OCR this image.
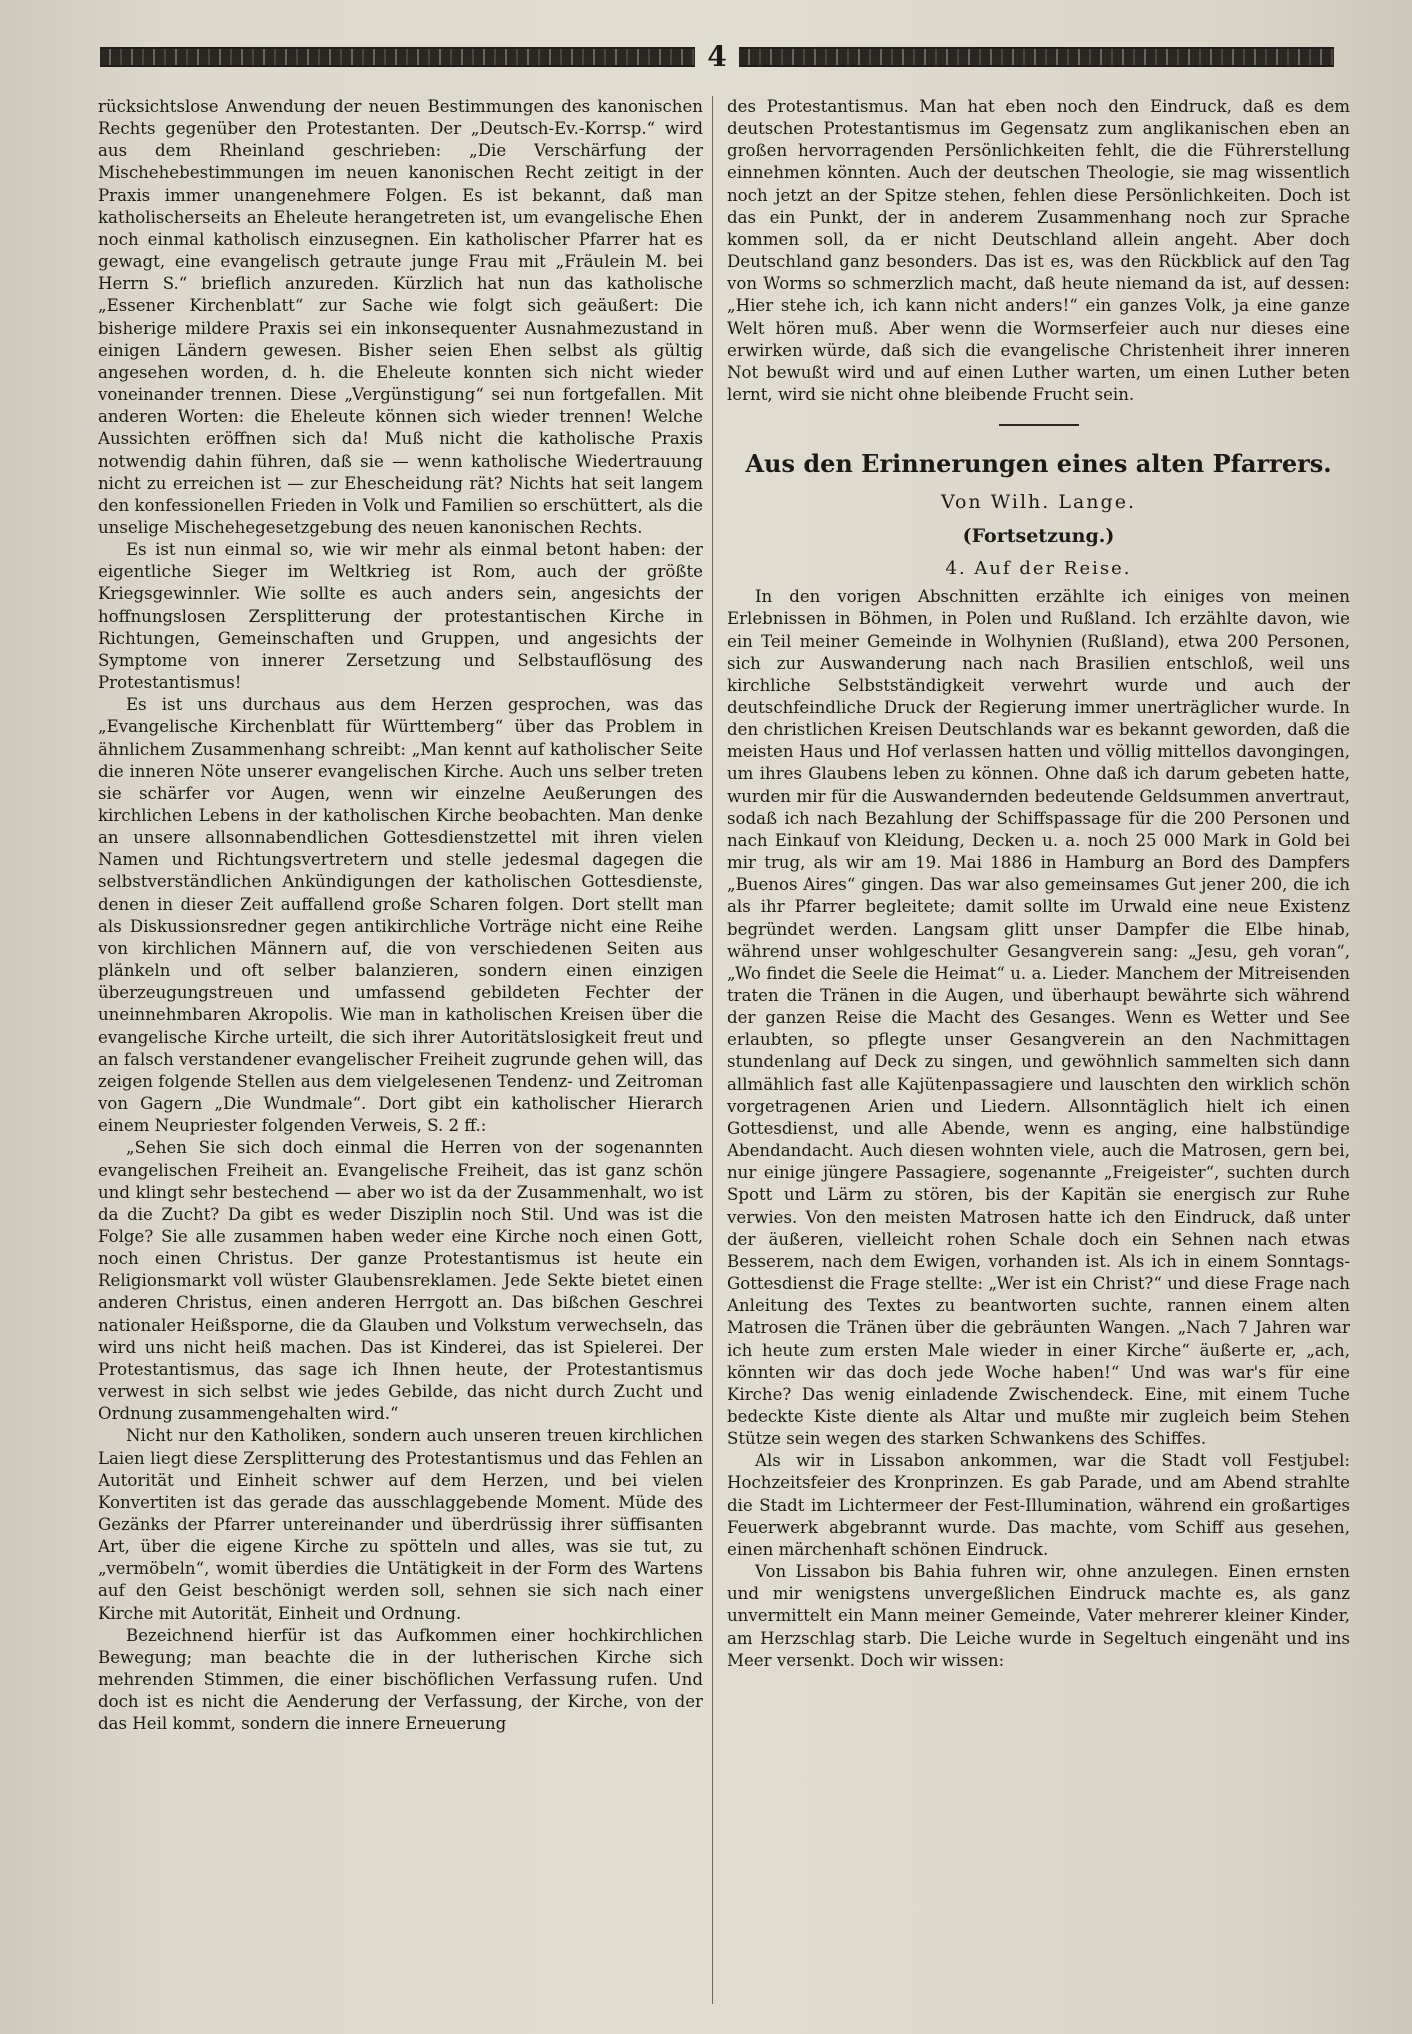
4

rücksichtslose Anwendung der neuen Bestimmungen des kanonischen Rechts gegenüber den Protestanten. Der „Deutsch-Ev.-Korrsp.“ wird aus dem Rheinland geschrieben: „Die Verschärfung der Mischehebestimmungen im neuen kanonischen Recht zeitigt in der Praxis immer unangenehmere Folgen. Es ist bekannt, daß man katholischerseits an Eheleute herangetreten ist, um evangelische Ehen noch einmal katholisch einzusegnen. Ein katholischer Pfarrer hat es gewagt, eine evangelisch getraute junge Frau mit „Fräulein M. bei Herrn S.“ brieflich anzureden. Kürzlich hat nun das katholische „Essener Kirchenblatt“ zur Sache wie folgt sich geäußert: Die bisherige mildere Praxis sei ein inkonsequenter Ausnahmezustand in einigen Ländern gewesen. Bisher seien Ehen selbst als gültig angesehen worden, d. h. die Eheleute konnten sich nicht wieder voneinander trennen. Diese „Vergünstigung“ sei nun fortgefallen. Mit anderen Worten: die Eheleute können sich wieder trennen! Welche Aussichten eröffnen sich da! Muß nicht die katholische Praxis notwendig dahin führen, daß sie — wenn katholische Wiedertrauung nicht zu erreichen ist — zur Ehescheidung rät? Nichts hat seit langem den konfessionellen Frieden in Volk und Familien so erschüttert, als die unselige Mischehegesetzgebung des neuen kanonischen Rechts.

Es ist nun einmal so, wie wir mehr als einmal betont haben: der eigentliche Sieger im Weltkrieg ist Rom, auch der größte Kriegsgewinnler. Wie sollte es auch anders sein, angesichts der hoffnungslosen Zersplitterung der protestantischen Kirche in Richtungen, Gemeinschaften und Gruppen, und angesichts der Symptome von innerer Zersetzung und Selbstauflösung des Protestantismus!

Es ist uns durchaus aus dem Herzen gesprochen, was das „Evangelische Kirchenblatt für Württemberg“ über das Problem in ähnlichem Zusammenhang schreibt: „Man kennt auf katholischer Seite die inneren Nöte unserer evangelischen Kirche. Auch uns selber treten sie schärfer vor Augen, wenn wir einzelne Aeußerungen des kirchlichen Lebens in der katholischen Kirche beobachten. Man denke an unsere allsonnabendlichen Gottesdienstzettel mit ihren vielen Namen und Richtungsvertretern und stelle jedesmal dagegen die selbstverständlichen Ankündigungen der katholischen Gottesdienste, denen in dieser Zeit auffallend große Scharen folgen. Dort stellt man als Diskussionsredner gegen antikirchliche Vorträge nicht eine Reihe von kirchlichen Männern auf, die von verschiedenen Seiten aus plänkeln und oft selber balanzieren, sondern einen einzigen überzeugungstreuen und umfassend gebildeten Fechter der uneinnehmbaren Akropolis. Wie man in katholischen Kreisen über die evangelische Kirche urteilt, die sich ihrer Autoritätslosigkeit freut und an falsch verstandener evangelischer Freiheit zugrunde gehen will, das zeigen folgende Stellen aus dem vielgelesenen Tendenz- und Zeitroman von Gagern „Die Wundmale“. Dort gibt ein katholischer Hierarch einem Neupriester folgenden Verweis, S. 2 ff.:

„Sehen Sie sich doch einmal die Herren von der sogenannten evangelischen Freiheit an. Evangelische Freiheit, das ist ganz schön und klingt sehr bestechend — aber wo ist da der Zusammenhalt, wo ist da die Zucht? Da gibt es weder Disziplin noch Stil. Und was ist die Folge? Sie alle zusammen haben weder eine Kirche noch einen Gott, noch einen Christus. Der ganze Protestantismus ist heute ein Religionsmarkt voll wüster Glaubensreklamen. Jede Sekte bietet einen anderen Christus, einen anderen Herrgott an. Das bißchen Geschrei nationaler Heißsporne, die da Glauben und Volkstum verwechseln, das wird uns nicht heiß machen. Das ist Kinderei, das ist Spielerei. Der Protestantismus, das sage ich Ihnen heute, der Protestantismus verwest in sich selbst wie jedes Gebilde, das nicht durch Zucht und Ordnung zusammengehalten wird.“

Nicht nur den Katholiken, sondern auch unseren treuen kirchlichen Laien liegt diese Zersplitterung des Protestantismus und das Fehlen an Autorität und Einheit schwer auf dem Herzen, und bei vielen Konvertiten ist das gerade das ausschlaggebende Moment. Müde des Gezänks der Pfarrer untereinander und überdrüssig ihrer süffisanten Art, über die eigene Kirche zu spötteln und alles, was sie tut, zu „vermöbeln“, womit überdies die Untätigkeit in der Form des Wartens auf den Geist beschönigt werden soll, sehnen sie sich nach einer Kirche mit Autorität, Einheit und Ordnung.

Bezeichnend hierfür ist das Aufkommen einer hochkirchlichen Bewegung; man beachte die in der lutherischen Kirche sich mehrenden Stimmen, die einer bischöflichen Verfassung rufen. Und doch ist es nicht die Aenderung der Verfassung, der Kirche, von der das Heil kommt, sondern die innere Erneuerung

des Protestantismus. Man hat eben noch den Eindruck, daß es dem deutschen Protestantismus im Gegensatz zum anglikanischen eben an großen hervorragenden Persönlichkeiten fehlt, die die Führerstellung einnehmen könnten. Auch der deutschen Theologie, sie mag wissentlich noch jetzt an der Spitze stehen, fehlen diese Persönlichkeiten. Doch ist das ein Punkt, der in anderem Zusammenhang noch zur Sprache kommen soll, da er nicht Deutschland allein angeht. Aber doch Deutschland ganz besonders. Das ist es, was den Rückblick auf den Tag von Worms so schmerzlich macht, daß heute niemand da ist, auf dessen: „Hier stehe ich, ich kann nicht anders!“ ein ganzes Volk, ja eine ganze Welt hören muß. Aber wenn die Wormserfeier auch nur dieses eine erwirken würde, daß sich die evangelische Christenheit ihrer inneren Not bewußt wird und auf einen Luther warten, um einen Luther beten lernt, wird sie nicht ohne bleibende Frucht sein.

Aus den Erinnerungen eines alten Pfarrers.
Von Wilh. Lange.
(Fortsetzung.)
4. Auf der Reise.

In den vorigen Abschnitten erzählte ich einiges von meinen Erlebnissen in Böhmen, in Polen und Rußland. Ich erzählte davon, wie ein Teil meiner Gemeinde in Wolhynien (Rußland), etwa 200 Personen, sich zur Auswanderung nach nach Brasilien entschloß, weil uns kirchliche Selbstständigkeit verwehrt wurde und auch der deutschfeindliche Druck der Regierung immer unerträglicher wurde. In den christlichen Kreisen Deutschlands war es bekannt geworden, daß die meisten Haus und Hof verlassen hatten und völlig mittellos davongingen, um ihres Glaubens leben zu können. Ohne daß ich darum gebeten hatte, wurden mir für die Auswandernden bedeutende Geldsummen anvertraut, sodaß ich nach Bezahlung der Schiffspassage für die 200 Personen und nach Einkauf von Kleidung, Decken u. a. noch 25 000 Mark in Gold bei mir trug, als wir am 19. Mai 1886 in Hamburg an Bord des Dampfers „Buenos Aires“ gingen. Das war also gemeinsames Gut jener 200, die ich als ihr Pfarrer begleitete; damit sollte im Urwald eine neue Existenz begründet werden. Langsam glitt unser Dampfer die Elbe hinab, während unser wohlgeschulter Gesangverein sang: „Jesu, geh voran“, „Wo findet die Seele die Heimat“ u. a. Lieder. Manchem der Mitreisenden traten die Tränen in die Augen, und überhaupt bewährte sich während der ganzen Reise die Macht des Gesanges. Wenn es Wetter und See erlaubten, so pflegte unser Gesangverein an den Nachmittagen stundenlang auf Deck zu singen, und gewöhnlich sammelten sich dann allmählich fast alle Kajütenpassagiere und lauschten den wirklich schön vorgetragenen Arien und Liedern. Allsonntäglich hielt ich einen Gottesdienst, und alle Abende, wenn es anging, eine halbstündige Abendandacht. Auch diesen wohnten viele, auch die Matrosen, gern bei, nur einige jüngere Passagiere, sogenannte „Freigeister“, suchten durch Spott und Lärm zu stören, bis der Kapitän sie energisch zur Ruhe verwies. Von den meisten Matrosen hatte ich den Eindruck, daß unter der äußeren, vielleicht rohen Schale doch ein Sehnen nach etwas Besserem, nach dem Ewigen, vorhanden ist. Als ich in einem Sonntags-Gottesdienst die Frage stellte: „Wer ist ein Christ?“ und diese Frage nach Anleitung des Textes zu beantworten suchte, rannen einem alten Matrosen die Tränen über die gebräunten Wangen. „Nach 7 Jahren war ich heute zum ersten Male wieder in einer Kirche“ äußerte er, „ach, könnten wir das doch jede Woche haben!“ Und was war's für eine Kirche? Das wenig einladende Zwischendeck. Eine, mit einem Tuche bedeckte Kiste diente als Altar und mußte mir zugleich beim Stehen Stütze sein wegen des starken Schwankens des Schiffes.

Als wir in Lissabon ankommen, war die Stadt voll Festjubel: Hochzeitsfeier des Kronprinzen. Es gab Parade, und am Abend strahlte die Stadt im Lichtermeer der Fest-Illumination, während ein großartiges Feuerwerk abgebrannt wurde. Das machte, vom Schiff aus gesehen, einen märchenhaft schönen Eindruck.

Von Lissabon bis Bahia fuhren wir, ohne anzulegen. Einen ernsten und mir wenigstens unvergeßlichen Eindruck machte es, als ganz unvermittelt ein Mann meiner Gemeinde, Vater mehrerer kleiner Kinder, am Herzschlag starb. Die Leiche wurde in Segeltuch eingenäht und ins Meer versenkt. Doch wir wissen:
